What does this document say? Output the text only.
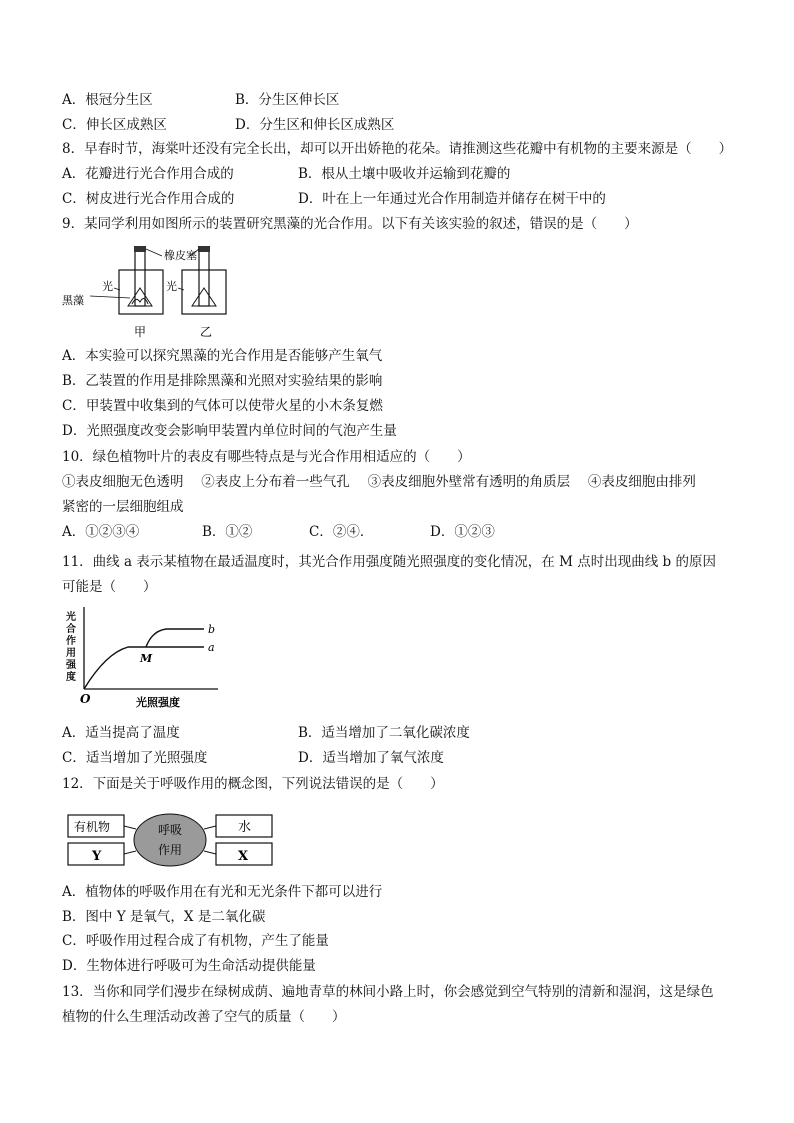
A．根冠分生区	B．分生区伸长区
C．伸长区成熟区	D．分生区和伸长区成熟区
8．早春时节，海棠叶还没有完全长出，却可以开出娇艳的花朵。请推测这些花瓣中有机物的主要来源是（　　）
A．花瓣进行光合作用合成的	B．根从土壤中吸收并运输到花瓣的
C．树皮进行光合作用合成的	D．叶在上一年通过光合作用制造并储存在树干中的
9．某同学利用如图所示的装置研究黑藻的光合作用。以下有关该实验的叙述，错误的是（　　）
橡皮塞
光	光
黑藻
甲	乙
A．本实验可以探究黑藻的光合作用是否能够产生氧气
B．乙装置的作用是排除黑藻和光照对实验结果的影响
C．甲装置中收集到的气体可以使带火星的小木条复燃
D．光照强度改变会影响甲装置内单位时间的气泡产生量
10．绿色植物叶片的表皮有哪些特点是与光合作用相适应的（　　）
①表皮细胞无色透明　 ②表皮上分布着一些气孔　 ③表皮细胞外壁常有透明的角质层　 ④表皮细胞由排列
紧密的一层细胞组成
A．①②③④	B．①②	C．②④．	D．①②③
11．曲线 a 表示某植物在最适温度时，其光合作用强度随光照强度的变化情况，在 M 点时出现曲线 b 的原因
可能是（　　）
O
M
a
b
光照强度
光合作用强度
A．适当提高了温度	B．适当增加了二氧化碳浓度
C．适当增加了光照强度	D．适当增加了氧气浓度
12．下面是关于呼吸作用的概念图，下列说法错误的是（　　）
有机物
Y
呼吸
作用
水
X
A．植物体的呼吸作用在有光和无光条件下都可以进行
B．图中 Y 是氧气，X 是二氧化碳
C．呼吸作用过程合成了有机物，产生了能量
D．生物体进行呼吸可为生命活动提供能量
13．当你和同学们漫步在绿树成荫、遍地青草的林间小路上时，你会感觉到空气特别的清新和湿润，这是绿色
植物的什么生理活动改善了空气的质量（　　）
